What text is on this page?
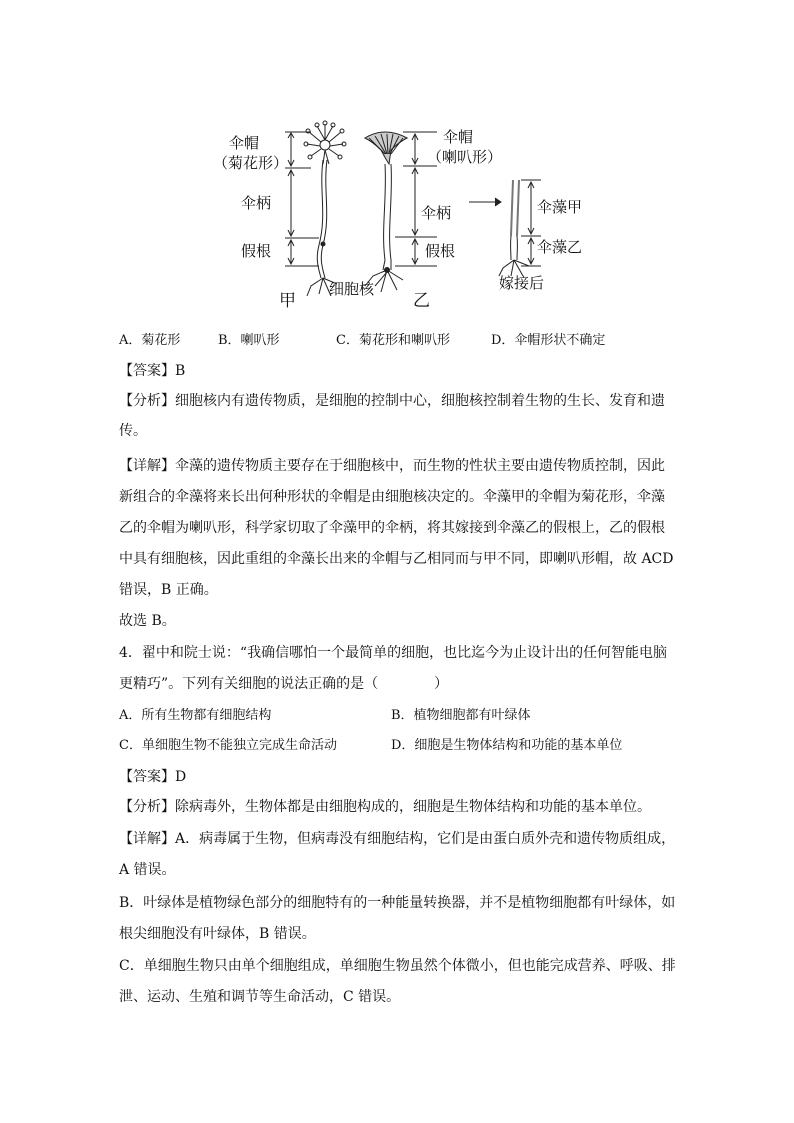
伞帽
（菊花形）
伞柄
假根
甲
细胞核
伞帽
（喇叭形）
伞柄
假根
乙
伞藻甲
伞藻乙
嫁接后
A．菊花形	B．喇叭形	C．菊花形和喇叭形	D．伞帽形状不确定
【答案】B
【分析】细胞核内有遗传物质，是细胞的控制中心，细胞核控制着生物的生长、发育和遗
传。
【详解】伞藻的遗传物质主要存在于细胞核中，而生物的性状主要由遗传物质控制，因此
新组合的伞藻将来长出何种形状的伞帽是由细胞核决定的。伞藻甲的伞帽为菊花形，伞藻
乙的伞帽为喇叭形，科学家切取了伞藻甲的伞柄，将其嫁接到伞藻乙的假根上，乙的假根
中具有细胞核，因此重组的伞藻长出来的伞帽与乙相同而与甲不同，即喇叭形帽，故 ACD
错误，B 正确。
故选 B。
4．翟中和院士说：“我确信哪怕一个最简单的细胞，也比迄今为止设计出的任何智能电脑
更精巧”。下列有关细胞的说法正确的是（　　　　）
A．所有生物都有细胞结构	B．植物细胞都有叶绿体
C．单细胞生物不能独立完成生命活动	D．细胞是生物体结构和功能的基本单位
【答案】D
【分析】除病毒外，生物体都是由细胞构成的，细胞是生物体结构和功能的基本单位。
【详解】A．病毒属于生物，但病毒没有细胞结构，它们是由蛋白质外壳和遗传物质组成，
A 错误。
B．叶绿体是植物绿色部分的细胞特有的一种能量转换器，并不是植物细胞都有叶绿体，如
根尖细胞没有叶绿体，B 错误。
C．单细胞生物只由单个细胞组成，单细胞生物虽然个体微小，但也能完成营养、呼吸、排
泄、运动、生殖和调节等生命活动，C 错误。
